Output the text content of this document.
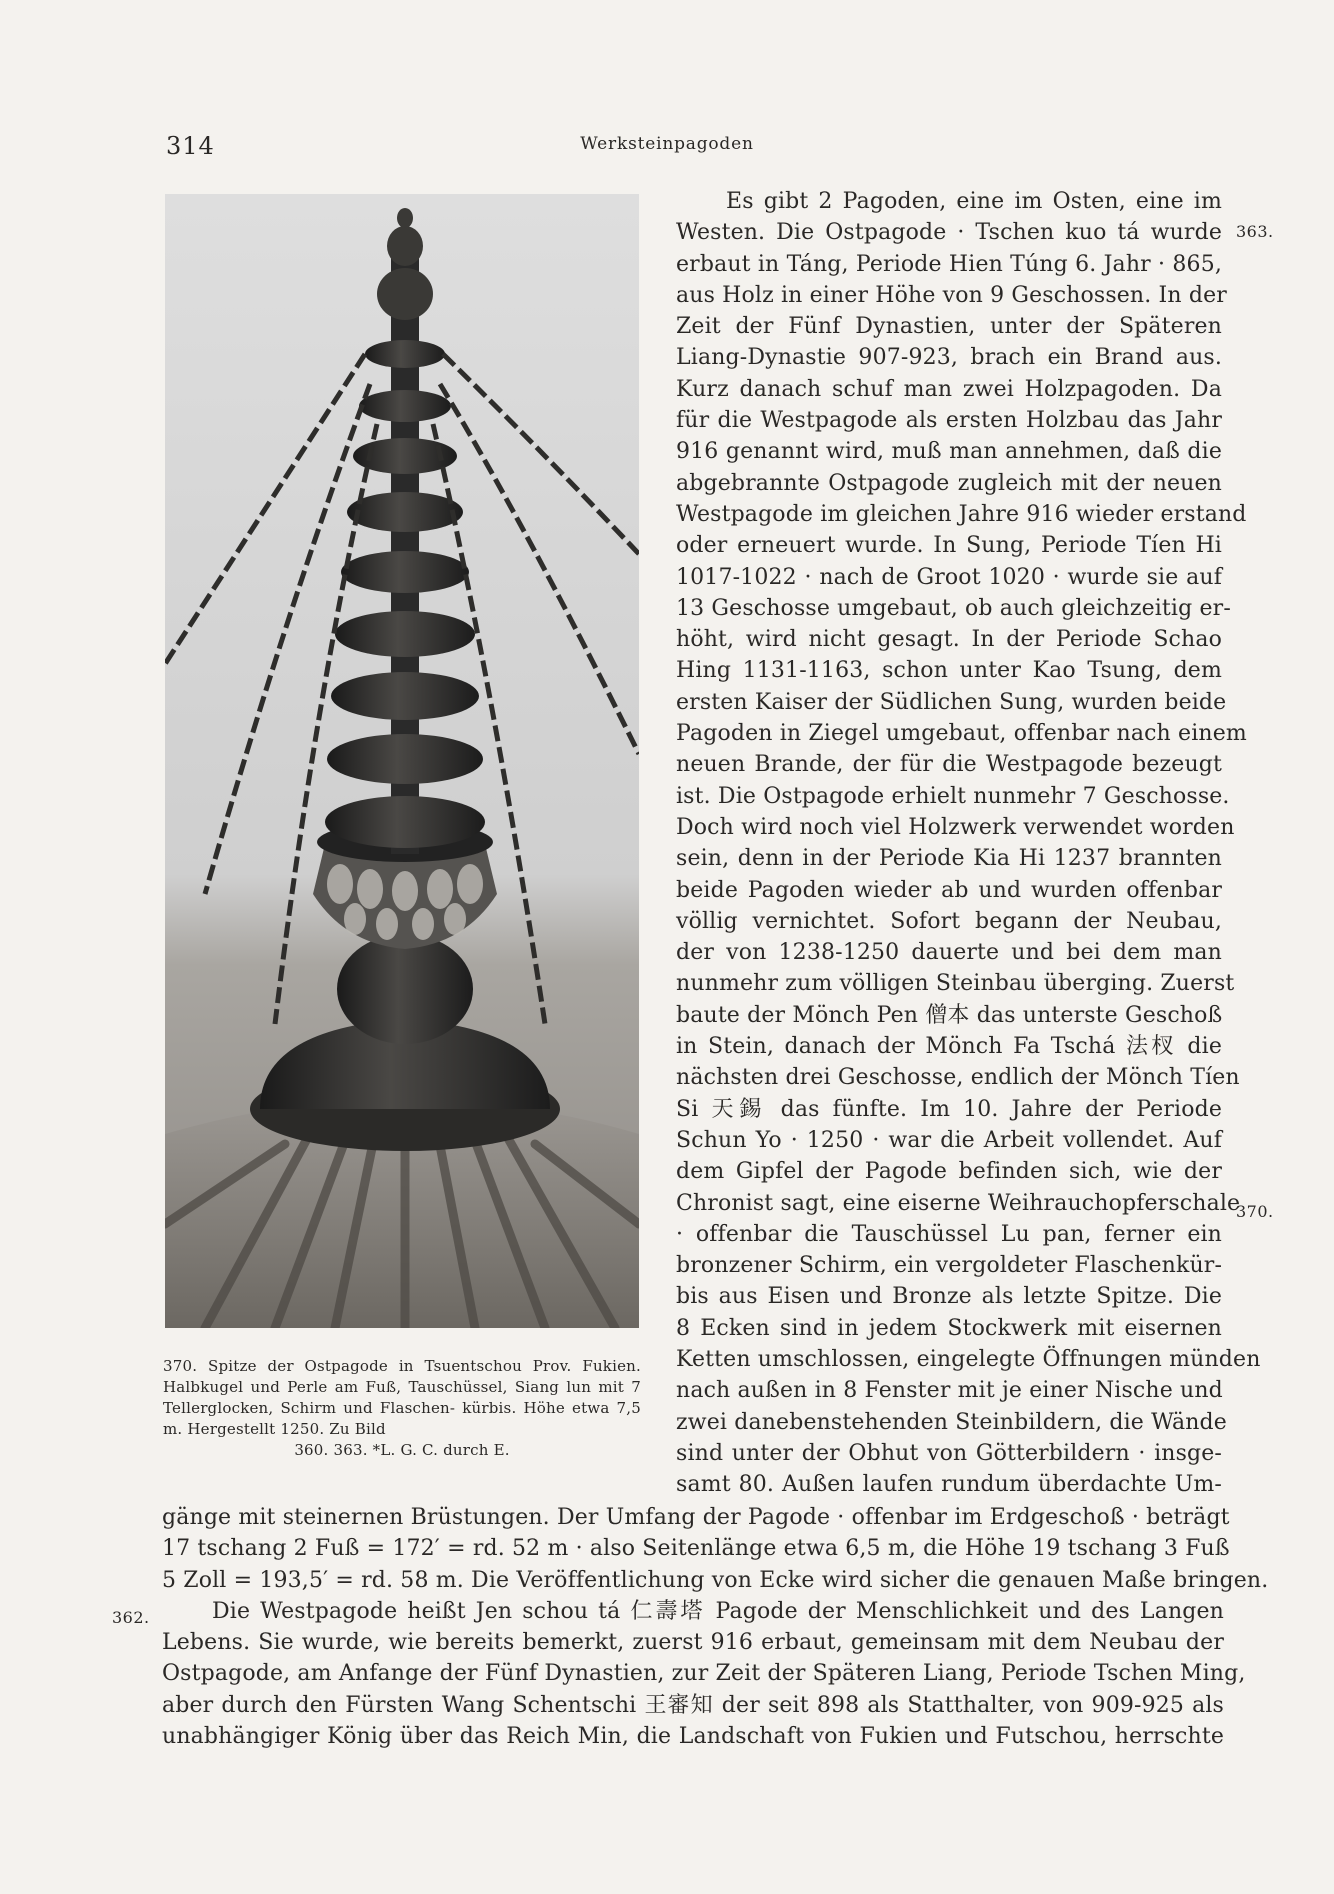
314	Werksteinpagoden
370. Spitze der Ostpagode in Tsuentschou Prov. Fukien. Halbkugel und Perle am Fuß, Tauschüssel, Siang lun mit 7 Tellerglocken, Schirm und Flaschen- kürbis. Höhe etwa 7,5 m. Hergestellt 1250. Zu Bild
360. 363. *L. G. C. durch E.
363.
370.
362.
Es gibt 2 Pagoden, eine im Osten, eine im
Westen. Die Ostpagode · Tschen kuo tá wurde
erbaut in Táng, Periode Hien Túng 6. Jahr · 865,
aus Holz in einer Höhe von 9 Geschossen. In der
Zeit der Fünf Dynastien, unter der Späteren
Liang-Dynastie 907-923, brach ein Brand aus.
Kurz danach schuf man zwei Holzpagoden. Da
für die Westpagode als ersten Holzbau das Jahr
916 genannt wird, muß man annehmen, daß die
abgebrannte Ostpagode zugleich mit der neuen
Westpagode im gleichen Jahre 916 wieder erstand
oder erneuert wurde. In Sung, Periode Tíen Hi
1017-1022 · nach de Groot 1020 · wurde sie auf
13 Geschosse umgebaut, ob auch gleichzeitig er-
höht, wird nicht gesagt. In der Periode Schao
Hing 1131-1163, schon unter Kao Tsung, dem
ersten Kaiser der Südlichen Sung, wurden beide
Pagoden in Ziegel umgebaut, offenbar nach einem
neuen Brande, der für die Westpagode bezeugt
ist. Die Ostpagode erhielt nunmehr 7 Geschosse.
Doch wird noch viel Holzwerk verwendet worden
sein, denn in der Periode Kia Hi 1237 brannten
beide Pagoden wieder ab und wurden offenbar
völlig vernichtet. Sofort begann der Neubau,
der von 1238-1250 dauerte und bei dem man
nunmehr zum völligen Steinbau überging. Zuerst
baute der Mönch Pen 僧本 das unterste Geschoß
in Stein, danach der Mönch Fa Tschá 法杈 die
nächsten drei Geschosse, endlich der Mönch Tíen
Si 天錫 das fünfte. Im 10. Jahre der Periode
Schun Yo · 1250 · war die Arbeit vollendet. Auf
dem Gipfel der Pagode befinden sich, wie der
Chronist sagt, eine eiserne Weihrauchopferschale
· offenbar die Tauschüssel Lu pan, ferner ein
bronzener Schirm, ein vergoldeter Flaschenkür-
bis aus Eisen und Bronze als letzte Spitze. Die
8 Ecken sind in jedem Stockwerk mit eisernen
Ketten umschlossen, eingelegte Öffnungen münden
nach außen in 8 Fenster mit je einer Nische und
zwei danebenstehenden Steinbildern, die Wände
sind unter der Obhut von Götterbildern · insge-
samt 80. Außen laufen rundum überdachte Um-
gänge mit steinernen Brüstungen. Der Umfang der Pagode · offenbar im Erdgeschoß · beträgt
17 tschang 2 Fuß = 172′ = rd. 52 m · also Seitenlänge etwa 6,5 m, die Höhe 19 tschang 3 Fuß
5 Zoll = 193,5′ = rd. 58 m. Die Veröffentlichung von Ecke wird sicher die genauen Maße bringen.
Die Westpagode heißt Jen schou tá 仁壽塔 Pagode der Menschlichkeit und des Langen
Lebens. Sie wurde, wie bereits bemerkt, zuerst 916 erbaut, gemeinsam mit dem Neubau der
Ostpagode, am Anfange der Fünf Dynastien, zur Zeit der Späteren Liang, Periode Tschen Ming,
aber durch den Fürsten Wang Schentschi 王審知 der seit 898 als Statthalter, von 909-925 als
unabhängiger König über das Reich Min, die Landschaft von Fukien und Futschou, herrschte
